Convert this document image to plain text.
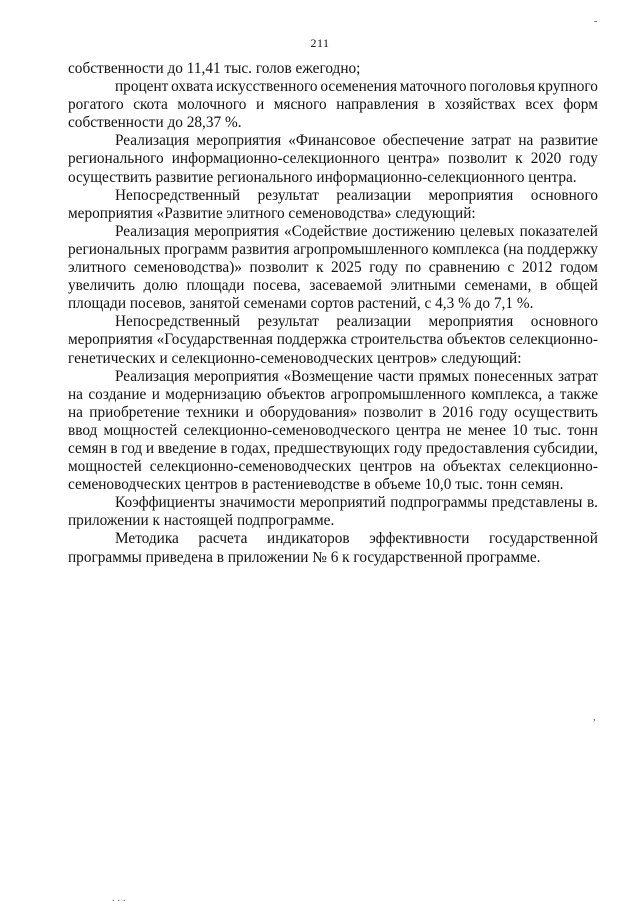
211
-
,
...
собственности до 11,41 тыс. голов ежегодно;
процент охвата искусственного осеменения маточного поголовья крупного
рогатого скота молочного и мясного направления в хозяйствах всех форм
собственности до 28,37 %.
Реализация мероприятия «Финансовое обеспечение затрат на развитие
регионального информационно-селекционного центра» позволит к 2020 году
осуществить развитие регионального информационно-селекционного центра.
Непосредственный результат реализации мероприятия основного
мероприятия «Развитие элитного семеноводства» следующий:
Реализация мероприятия «Содействие достижению целевых показателей
региональных программ развития агропромышленного комплекса (на поддержку
элитного семеноводства)» позволит к 2025 году по сравнению с 2012 годом
увеличить долю площади посева, засеваемой элитными семенами, в общей
площади посевов, занятой семенами сортов растений, с 4,3 % до 7,1 %.
Непосредственный результат реализации мероприятия основного
мероприятия «Государственная поддержка строительства объектов селекционно-
генетических и селекционно-семеноводческих центров» следующий:
Реализация мероприятия «Возмещение части прямых понесенных затрат
на создание и модернизацию объектов агропромышленного комплекса, а также
на приобретение техники и оборудования» позволит в 2016 году осуществить
ввод мощностей селекционно-семеноводческого центра не менее 10 тыс. тонн
семян в год и введение в годах, предшествующих году предоставления субсидии,
мощностей селекционно-семеноводческих центров на объектах селекционно-
семеноводческих центров в растениеводстве в объеме 10,0 тыс. тонн семян.
Коэффициенты значимости мероприятий подпрограммы представлены в.
приложении к настоящей подпрограмме.
Методика расчета индикаторов эффективности государственной
программы приведена в приложении № 6 к государственной программе.
